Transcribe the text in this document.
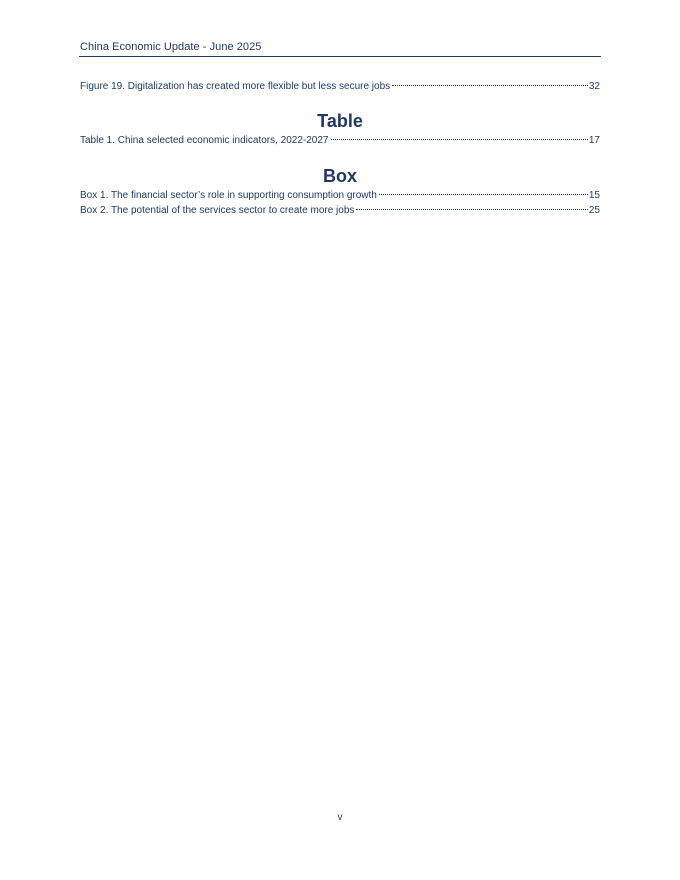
China Economic Update - June 2025
Figure 19. Digitalization has created more flexible but less secure jobs	32
Table
Table 1. China selected economic indicators, 2022-2027	17
Box
Box 1. The financial sector’s role in supporting consumption growth	15
Box 2. The potential of the services sector to create more jobs	25
v
